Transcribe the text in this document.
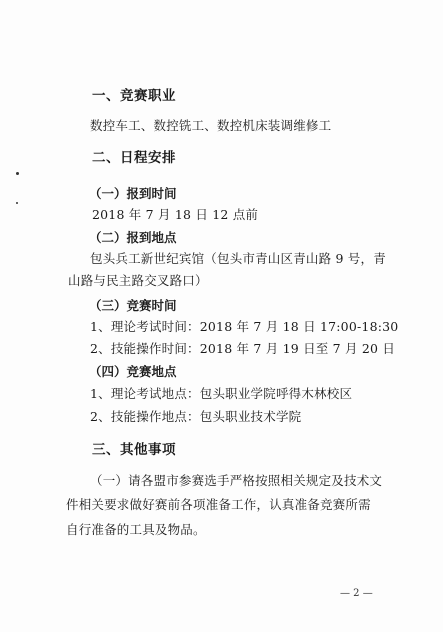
一、竞赛职业
数控车工、数控铣工、数控机床装调维修工
二、日程安排
（一）报到时间
2018 年 7 月 18 日 12 点前
（二）报到地点
包头兵工新世纪宾馆（包头市青山区青山路 9 号，青
山路与民主路交叉路口）
（三）竞赛时间
1、理论考试时间：2018 年 7 月 18 日 17:00-18:30
2、技能操作时间：2018 年 7 月 19 日至 7 月 20 日
（四）竞赛地点
1、理论考试地点：包头职业学院呼得木林校区
2、技能操作地点：包头职业技术学院
三、其他事项
（一）请各盟市参赛选手严格按照相关规定及技术文
件相关要求做好赛前各项准备工作，认真准备竞赛所需
自行准备的工具及物品。
— 2 —
